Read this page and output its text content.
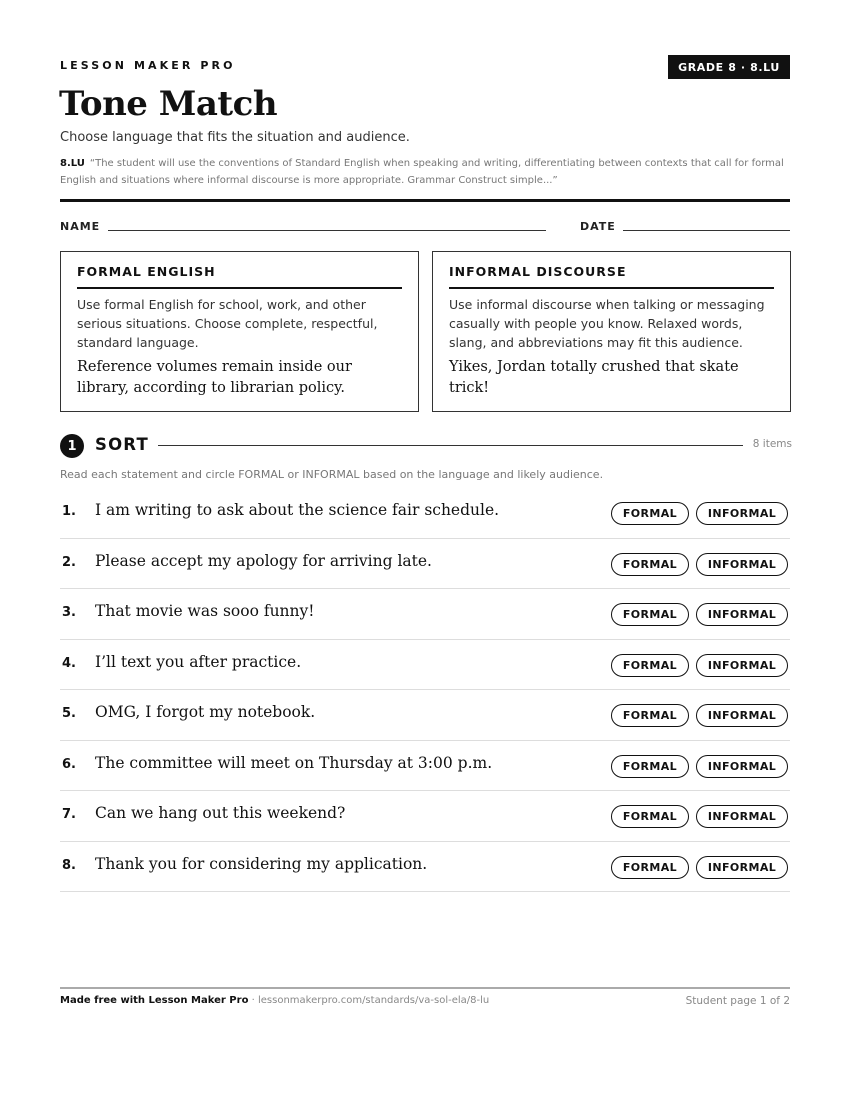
LESSON MAKER PRO	GRADE 8 · 8.LU
Tone Match
Choose language that fits the situation and audience.
8.LU “The student will use the conventions of Standard English when speaking and writing, differentiating between contexts that call for formal English and situations where informal discourse is more appropriate. Grammar Construct simple...”
NAME	DATE
FORMAL ENGLISH
Use formal English for school, work, and other serious situations. Choose complete, respectful, standard language.
Reference volumes remain inside our library, according to librarian policy.
INFORMAL DISCOURSE
Use informal discourse when talking or messaging casually with people you know. Relaxed words, slang, and abbreviations may fit this audience.
Yikes, Jordan totally crushed that skate trick!
1	SORT	8 items
Read each statement and circle FORMAL or INFORMAL based on the language and likely audience.
1. I am writing to ask about the science fair schedule.	FORMAL	INFORMAL
2. Please accept my apology for arriving late.	FORMAL	INFORMAL
3. That movie was sooo funny!	FORMAL	INFORMAL
4. I’ll text you after practice.	FORMAL	INFORMAL
5. OMG, I forgot my notebook.	FORMAL	INFORMAL
6. The committee will meet on Thursday at 3:00 p.m.	FORMAL	INFORMAL
7. Can we hang out this weekend?	FORMAL	INFORMAL
8. Thank you for considering my application.	FORMAL	INFORMAL
Made free with Lesson Maker Pro · lessonmakerpro.com/standards/va-sol-ela/8-lu	Student page 1 of 2
